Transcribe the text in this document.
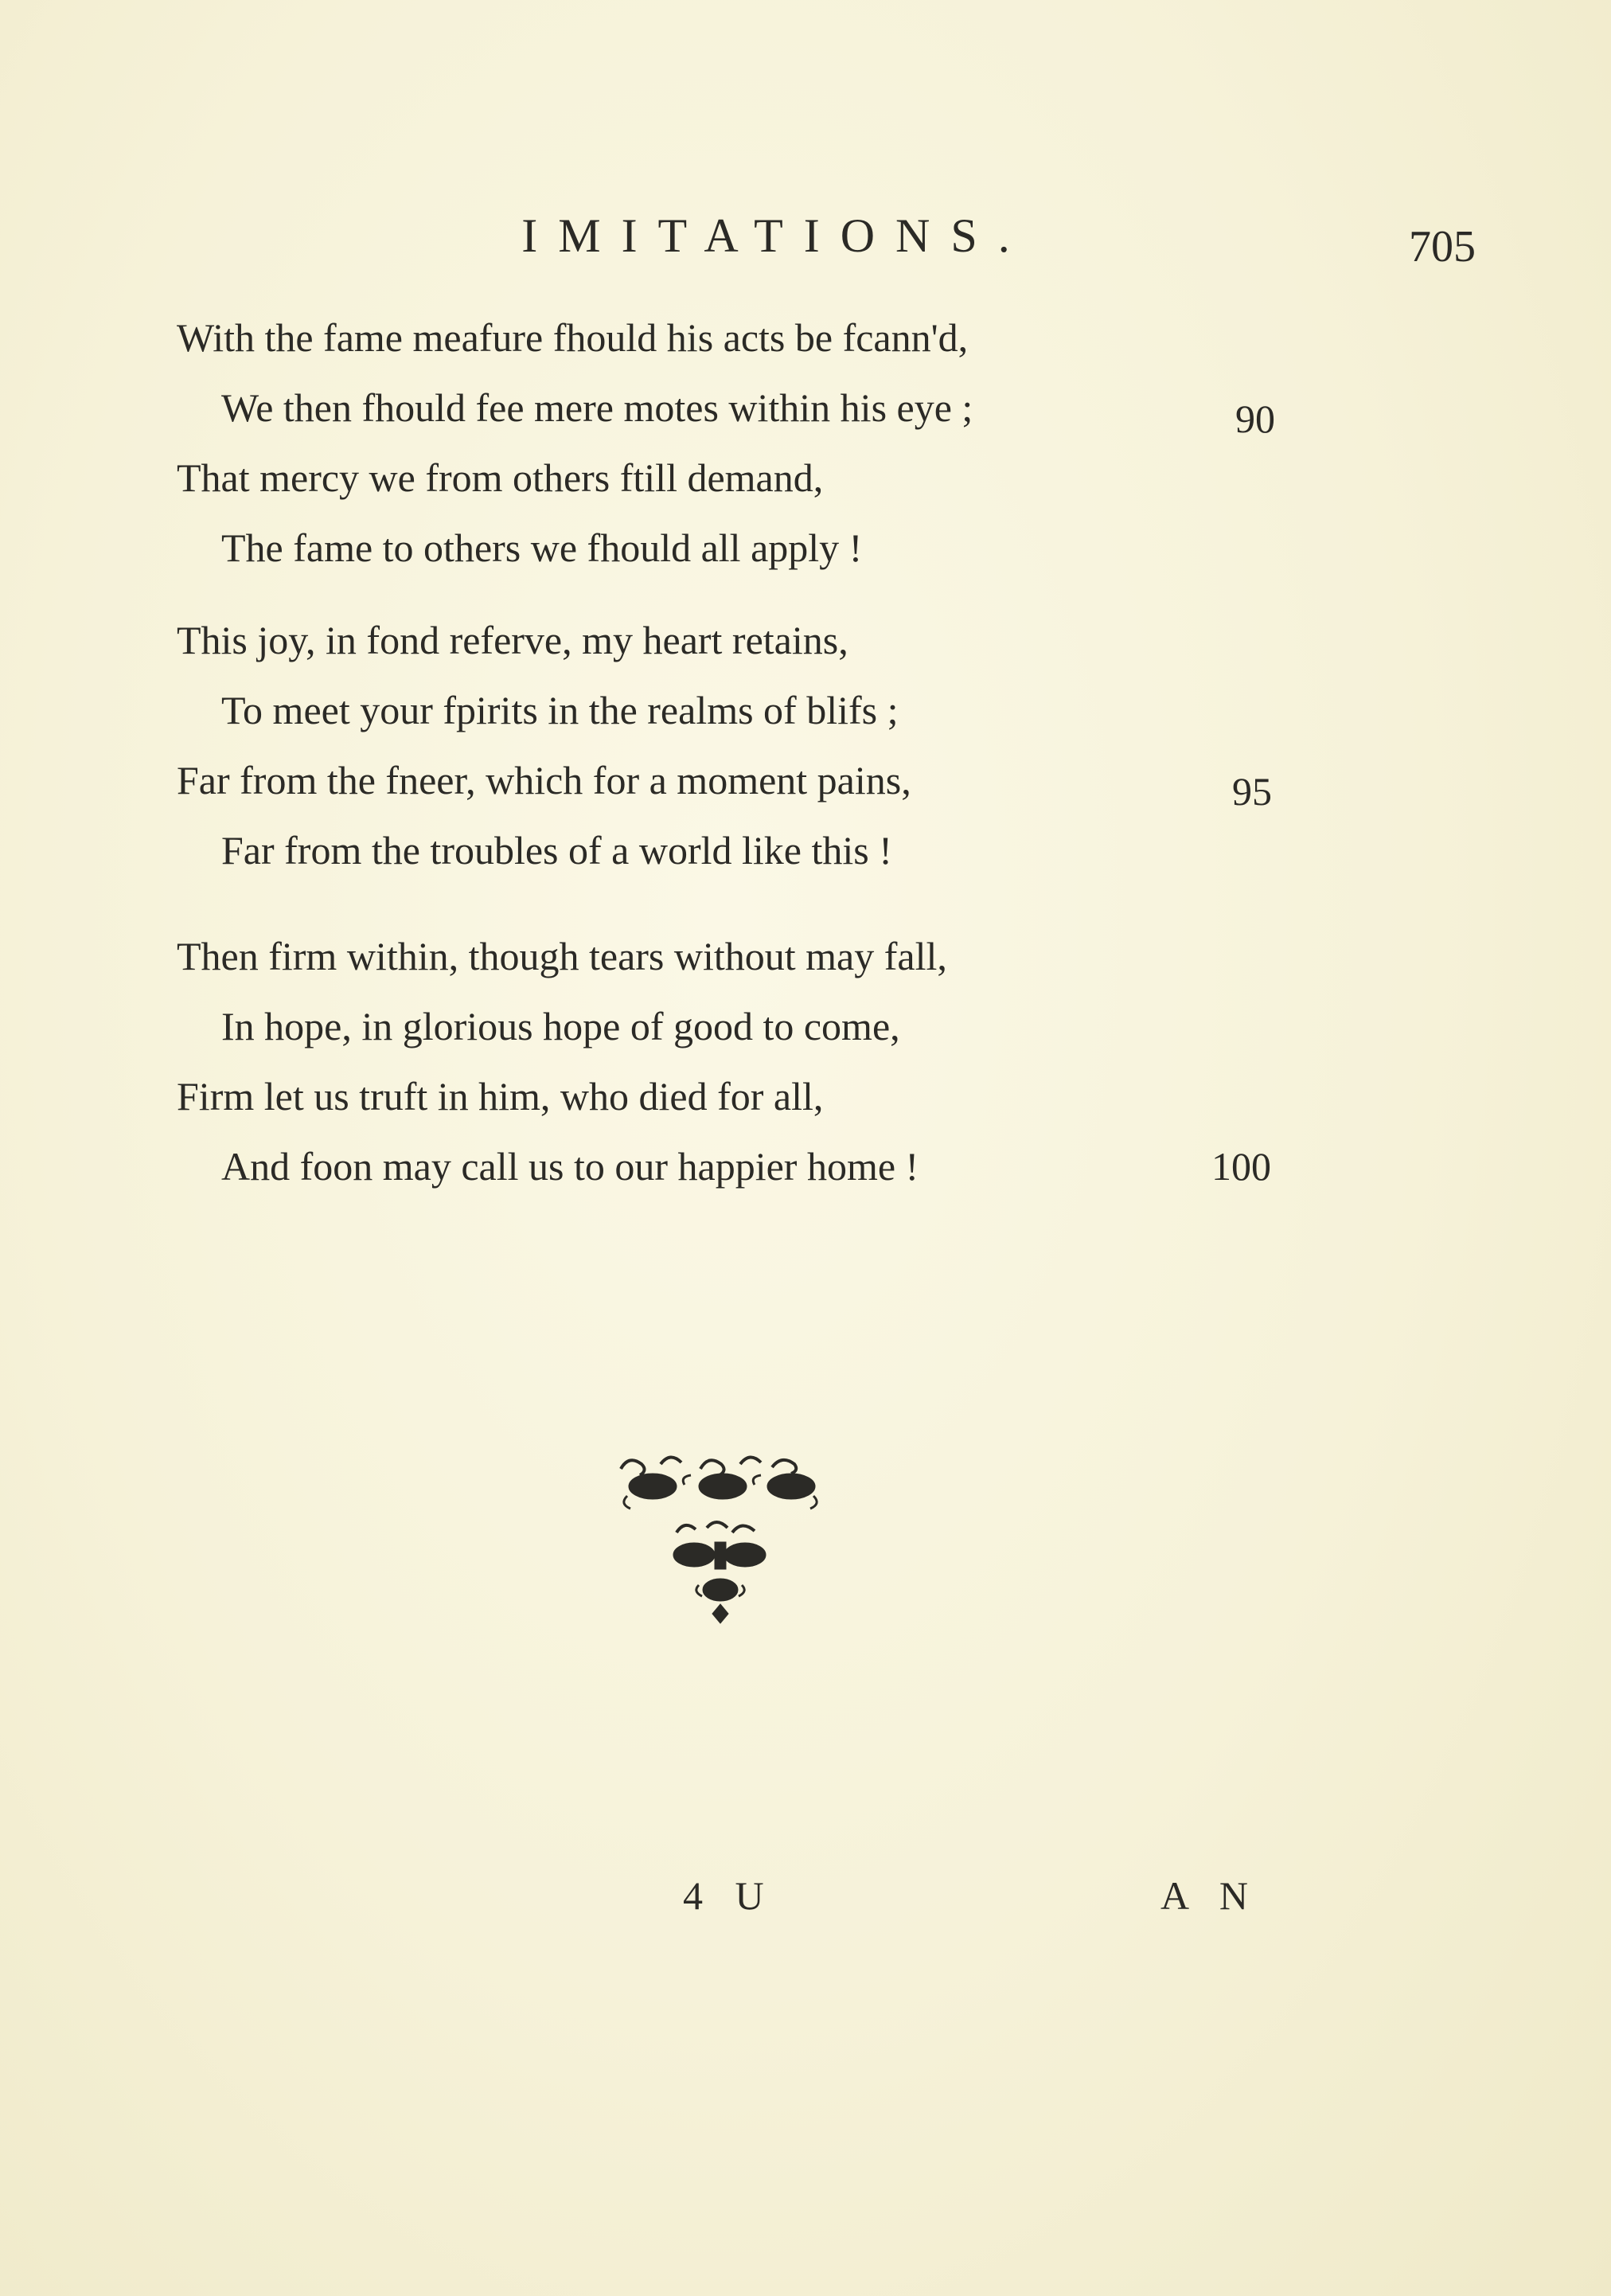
IMITATIONS.	705
With the fame meafure fhould his acts be fcann'd,
We then fhould fee mere motes within his eye ;
That mercy we from others ftill demand,
The fame to others we fhould all apply !
90
This joy, in fond referve, my heart retains,
To meet your fpirits in the realms of blifs ;
Far from the fneer, which for a moment pains,
Far from the troubles of a world like this !
95
Then firm within, though tears without may fall,
In hope, in glorious hope of good to come,
Firm let us truft in him, who died for all,
And foon may call us to our happier home !	100
4 U	A N
